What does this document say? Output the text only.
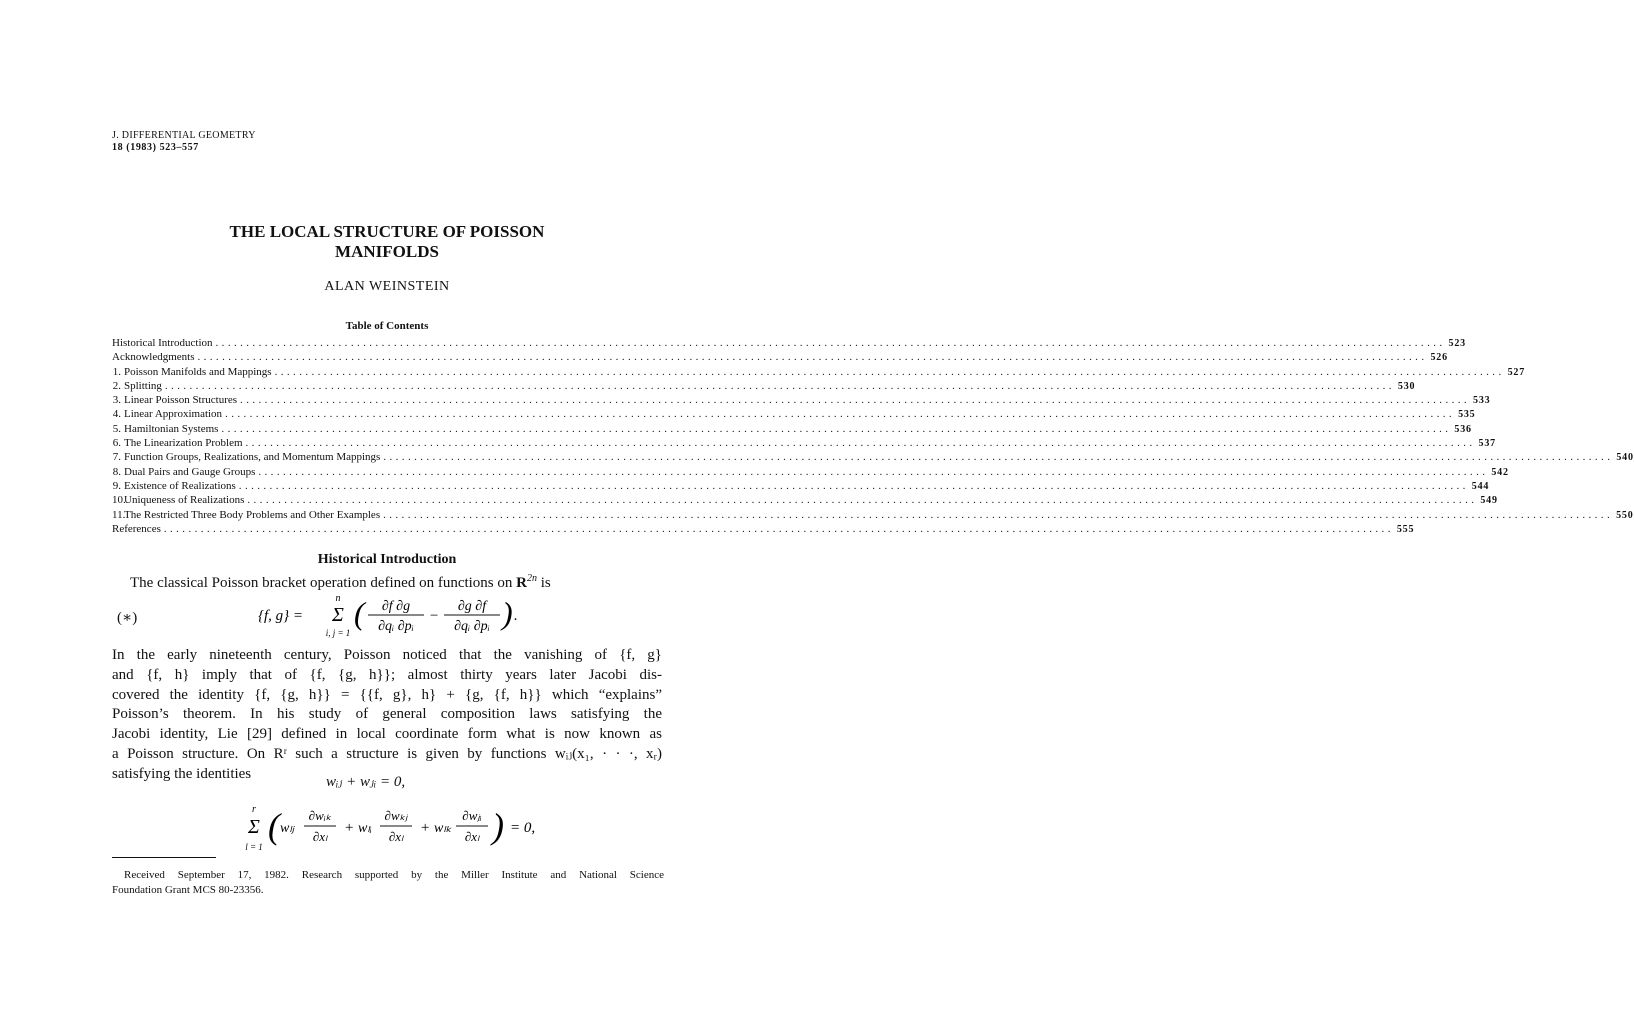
J. DIFFERENTIAL GEOMETRY
18 (1983) 523–557
THE LOCAL STRUCTURE OF POISSON
MANIFOLDS
ALAN WEINSTEIN
Table of Contents
Historical Introduction ........................................................................................................................................................................................................ 523
Acknowledgments ........................................................................................................................................................................................................ 526
1. Poisson Manifolds and Mappings ........................................................................................................................................................................................................ 527
2. Splitting ........................................................................................................................................................................................................ 530
3. Linear Poisson Structures ........................................................................................................................................................................................................ 533
4. Linear Approximation ........................................................................................................................................................................................................ 535
5. Hamiltonian Systems ........................................................................................................................................................................................................ 536
6. The Linearization Problem ........................................................................................................................................................................................................ 537
7. Function Groups, Realizations, and Momentum Mappings ........................................................................................................................................................................................................ 540
8. Dual Pairs and Gauge Groups ........................................................................................................................................................................................................ 542
9. Existence of Realizations ........................................................................................................................................................................................................ 544
10.Uniqueness of Realizations ........................................................................................................................................................................................................ 549
11.The Restricted Three Body Problems and Other Examples ........................................................................................................................................................................................................ 550
References ........................................................................................................................................................................................................ 555
Historical Introduction
The classical Poisson bracket operation defined on functions on $R^{2n}$ is
(∗)	{f, g} =
n
Σ
i, j = 1
( ∂f ∂g
∂qᵢ ∂pᵢ
−
∂g ∂f
∂qᵢ ∂pᵢ ) .
In the early nineteenth century, Poisson noticed that the vanishing of {f, g}
and {f, h} imply that of {f, {g, h}}; almost thirty years later Jacobi dis-
covered the identity {f, {g, h}} = {{f, g}, h} + {g, {f, h}} which “explains”
Poisson’s theorem. In his study of general composition laws satisfying the
Jacobi identity, Lie [29] defined in local coordinate form what is now known as
a Poisson structure. On Rʳ such a structure is given by functions wᵢⱼ(x₁, · · ·, xᵣ)
satisfying the identities
wᵢⱼ + wⱼᵢ = 0,
r
Σ
l = 1
( wₗⱼ
∂wᵢₖ
∂xₗ
+ wₗᵢ
∂wₖⱼ
∂xₗ
+ wₗₖ
∂wⱼᵢ
∂xₗ ) = 0,
Received September 17, 1982. Research supported by the Miller Institute and National Science
Foundation Grant MCS 80-23356.
